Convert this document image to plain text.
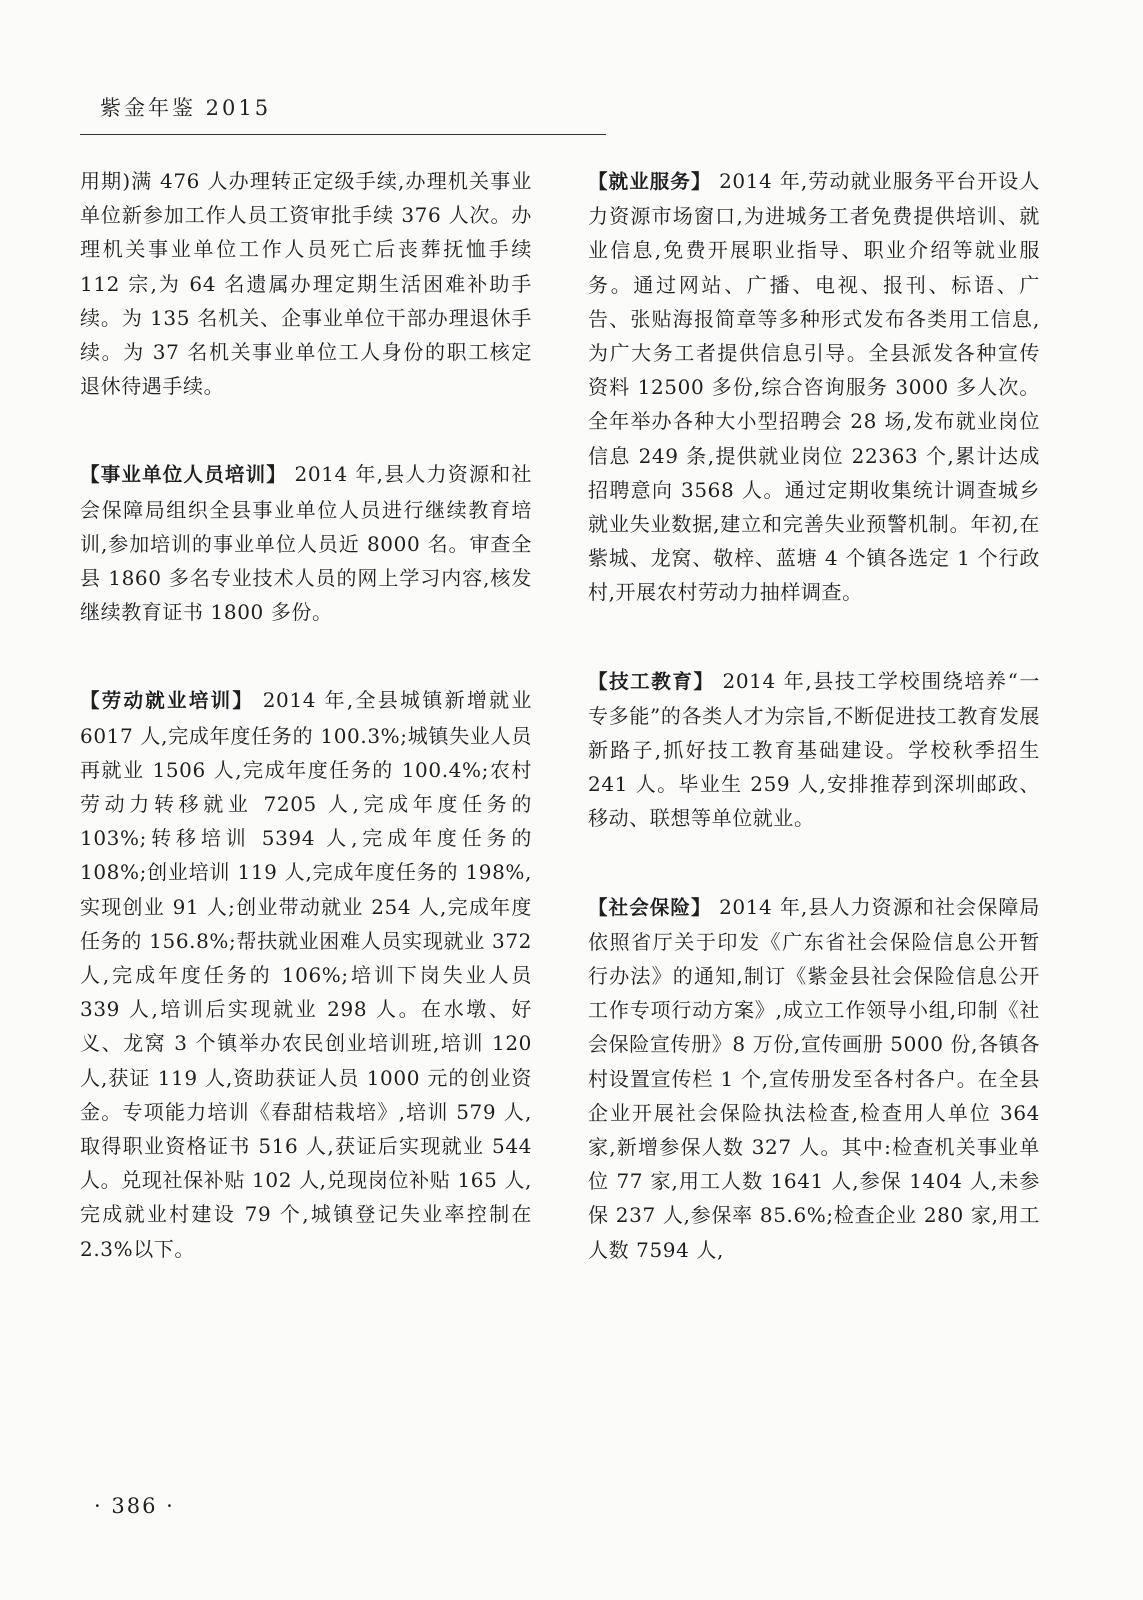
紫金年鉴 2015

用期)满 476 人办理转正定级手续,办理机关事业单位新参加工作人员工资审批手续 376 人次。办理机关事业单位工作人员死亡后丧葬抚恤手续 112 宗,为 64 名遗属办理定期生活困难补助手续。为 135 名机关、企事业单位干部办理退休手续。为 37 名机关事业单位工人身份的职工核定退休待遇手续。

【事业单位人员培训】 2014 年,县人力资源和社会保障局组织全县事业单位人员进行继续教育培训,参加培训的事业单位人员近 8000 名。审查全县 1860 多名专业技术人员的网上学习内容,核发继续教育证书 1800 多份。

【劳动就业培训】 2014 年,全县城镇新增就业 6017 人,完成年度任务的 100.3%;城镇失业人员再就业 1506 人,完成年度任务的 100.4%;农村劳动力转移就业 7205 人,完成年度任务的 103%;转移培训 5394 人,完成年度任务的 108%;创业培训 119 人,完成年度任务的 198%,实现创业 91 人;创业带动就业 254 人,完成年度任务的 156.8%;帮扶就业困难人员实现就业 372 人,完成年度任务的 106%;培训下岗失业人员 339 人,培训后实现就业 298 人。在水墩、好义、龙窝 3 个镇举办农民创业培训班,培训 120 人,获证 119 人,资助获证人员 1000 元的创业资金。专项能力培训《春甜桔栽培》,培训 579 人,取得职业资格证书 516 人,获证后实现就业 544 人。兑现社保补贴 102 人,兑现岗位补贴 165 人,完成就业村建设 79 个,城镇登记失业率控制在 2.3%以下。

【就业服务】 2014 年,劳动就业服务平台开设人力资源市场窗口,为进城务工者免费提供培训、就业信息,免费开展职业指导、职业介绍等就业服务。通过网站、广播、电视、报刊、标语、广告、张贴海报简章等多种形式发布各类用工信息,为广大务工者提供信息引导。全县派发各种宣传资料 12500 多份,综合咨询服务 3000 多人次。全年举办各种大小型招聘会 28 场,发布就业岗位信息 249 条,提供就业岗位 22363 个,累计达成招聘意向 3568 人。通过定期收集统计调查城乡就业失业数据,建立和完善失业预警机制。年初,在紫城、龙窝、敬梓、蓝塘 4 个镇各选定 1 个行政村,开展农村劳动力抽样调查。

【技工教育】 2014 年,县技工学校围绕培养“一专多能”的各类人才为宗旨,不断促进技工教育发展新路子,抓好技工教育基础建设。学校秋季招生 241 人。毕业生 259 人,安排推荐到深圳邮政、移动、联想等单位就业。

【社会保险】 2014 年,县人力资源和社会保障局依照省厅关于印发《广东省社会保险信息公开暂行办法》的通知,制订《紫金县社会保险信息公开工作专项行动方案》,成立工作领导小组,印制《社会保险宣传册》8 万份,宣传画册 5000 份,各镇各村设置宣传栏 1 个,宣传册发至各村各户。在全县企业开展社会保险执法检查,检查用人单位 364 家,新增参保人数 327 人。其中:检查机关事业单位 77 家,用工人数 1641 人,参保 1404 人,未参保 237 人,参保率 85.6%;检查企业 280 家,用工人数 7594 人,

· 386 ·
